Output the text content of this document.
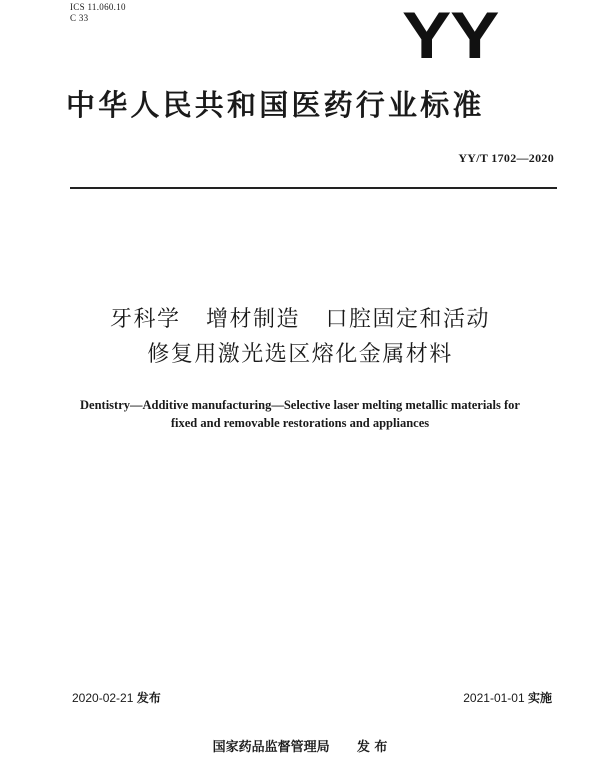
ICS 11.060.10
C 33	YY
中华人民共和国医药行业标准
YY/T 1702—2020
牙科学   增材制造   口腔固定和活动
修复用激光选区熔化金属材料
Dentistry—Additive manufacturing—Selective laser melting metallic materials for
fixed and removable restorations and appliances
2020-02-21 发布	2021-01-01 实施
国家药品监督管理局 发 布
